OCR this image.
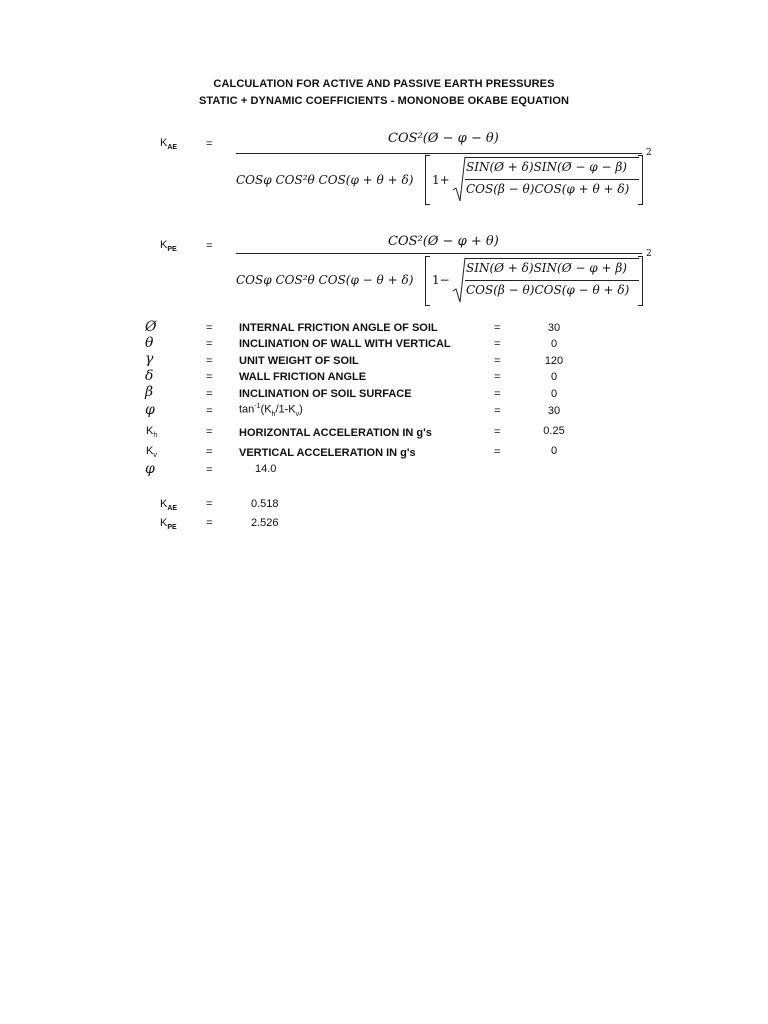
CALCULATION FOR ACTIVE AND PASSIVE EARTH PRESSURES
STATIC + DYNAMIC COEFFICIENTS - MONONOBE OKABE EQUATION
$K_{AE}$	=	COS²(Ø − φ − θ)
COSφ COS²θ COS(φ + θ + δ) 1+
SIN(Ø + δ)SIN(Ø − φ − β)
COS(β − θ)COS(φ + θ + δ)
2
$K_{PE}$	=	COS²(Ø − φ + θ)
COSφ COS²θ COS(φ − θ + δ) 1−
SIN(Ø + δ)SIN(Ø − φ + β)
COS(β − θ)COS(φ − θ + δ)
2
Ø	= INTERNAL FRICTION ANGLE OF SOIL	=	30
θ	= INCLINATION OF WALL WITH VERTICAL	=	0
γ	= UNIT WEIGHT OF SOIL	=	120
δ	= WALL FRICTION ANGLE	=	0
β	= INCLINATION OF SOIL SURFACE	=	0
φ	= $\tan^{-1}(K_h/1-K_v)$	=	30
$K_h$	= HORIZONTAL ACCELERATION IN g's	=	0.25
$K_v$	= VERTICAL ACCELERATION IN g's	=	0
φ	=	14.0
$K_{AE}$	=	0.518
$K_{PE}$	=	2.526
